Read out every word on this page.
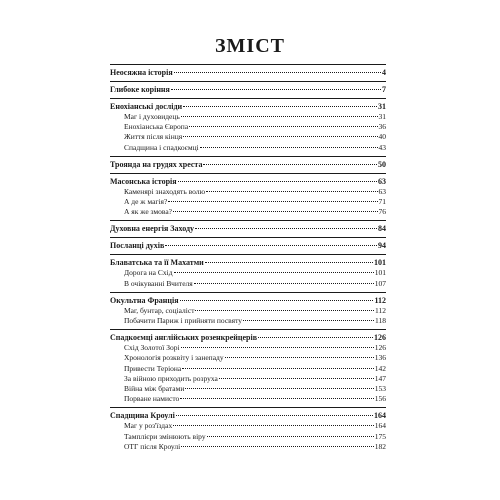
ЗМІСТ
Неосяжна історія	4
Глибоке коріння	7
Енохіанські досліди	31
Маг і духовидець	31
Енохіанська Європа	36
Життя після кінця	40
Спадщина і спадкоємці	43
Троянда на грудях хреста	50
Масонська історія	63
Каменярі знаходять волю	63
А де ж магія?	71
А як же змова?	76
Духовна енергія Заходу	84
Посланці духів	94
Блаватська та її Махатми	101
Дорога на Схід	101
В очікуванні Вчителя	107
Окультна Франція	112
Маг, бунтар, соціаліст	112
Побачити Париж і прийняти посвяту	118
Спадкоємці англійських розенкрейцерів	126
Схід Золотої Зорі	126
Хронологія розквіту і занепаду	136
Привести Теріона	142
За війною приходить розруха	147
Війна між братами	153
Порване намисто	156
Спадщина Кроулі	164
Маг у роз'їздах	164
Тамплієри змінюють віру	175
ОТГ після Кроулі	182
